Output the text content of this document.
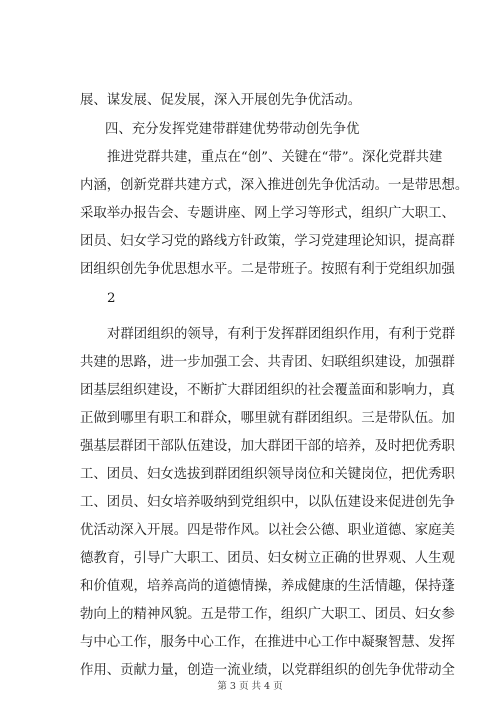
展、谋发展、促发展，深入开展创先争优活动。
四、充分发挥党建带群建优势带动创先争优
推进党群共建，重点在“创”、关键在“带”。深化党群共建
内涵，创新党群共建方式，深入推进创先争优活动。一是带思想。
采取举办报告会、专题讲座、网上学习等形式，组织广大职工、
团员、妇女学习党的路线方针政策，学习党建理论知识，提高群
团组织创先争优思想水平。二是带班子。按照有利于党组织加强
2
对群团组织的领导，有利于发挥群团组织作用，有利于党群
共建的思路，进一步加强工会、共青团、妇联组织建设，加强群
团基层组织建设，不断扩大群团组织的社会覆盖面和影响力，真
正做到哪里有职工和群众，哪里就有群团组织。三是带队伍。加
强基层群团干部队伍建设，加大群团干部的培养，及时把优秀职
工、团员、妇女选拔到群团组织领导岗位和关键岗位，把优秀职
工、团员、妇女培养吸纳到党组织中，以队伍建设来促进创先争
优活动深入开展。四是带作风。以社会公德、职业道德、家庭美
德教育，引导广大职工、团员、妇女树立正确的世界观、人生观
和价值观，培养高尚的道德情操，养成健康的生活情趣，保持蓬
勃向上的精神风貌。五是带工作，组织广大职工、团员、妇女参
与中心工作，服务中心工作，在推进中心工作中凝聚智慧、发挥
作用、贡献力量，创造一流业绩，以党群组织的创先争优带动全
第 3 页 共 4 页
